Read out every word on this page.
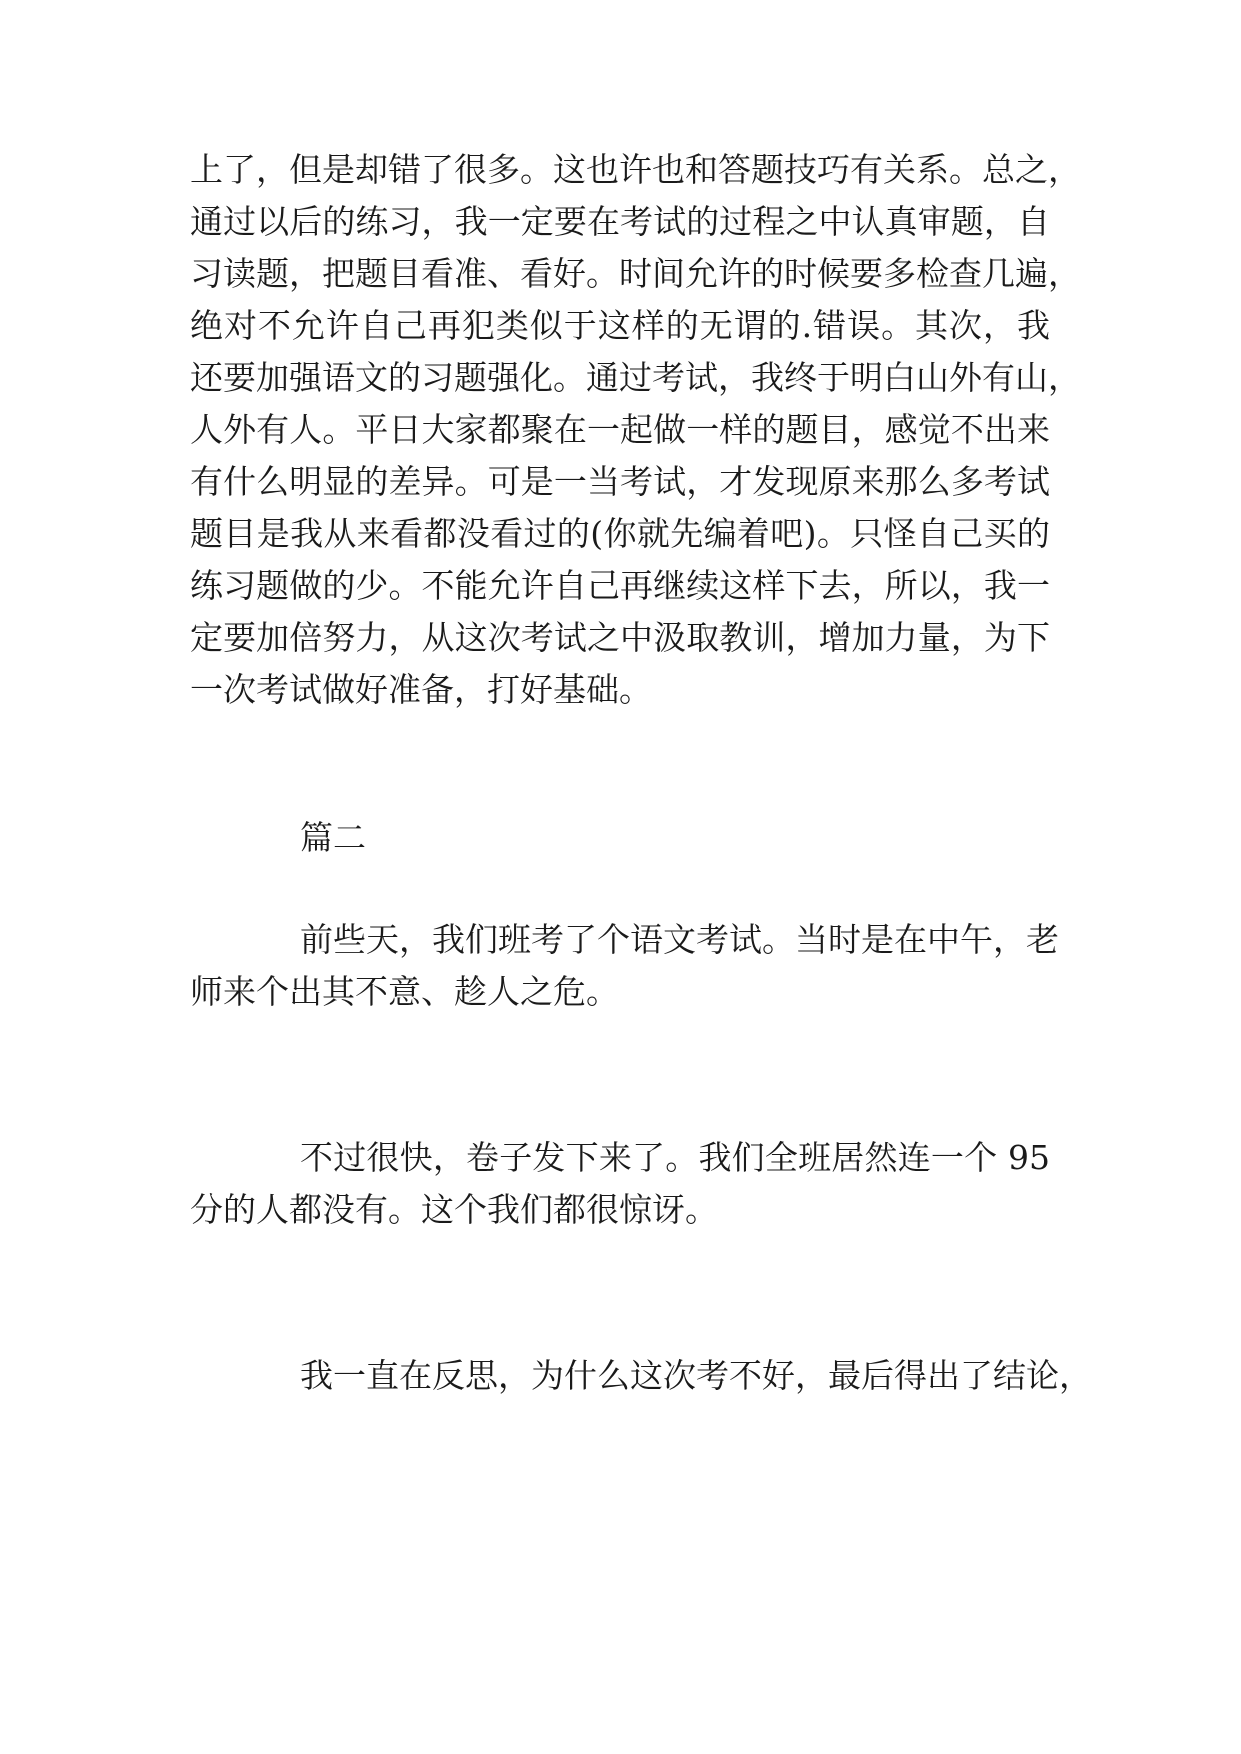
上了，但是却错了很多。这也许也和答题技巧有关系。总之，
通过以后的练习，我一定要在考试的过程之中认真审题，自
习读题，把题目看准、看好。时间允许的时候要多检查几遍，
绝对不允许自己再犯类似于这样的无谓的.错误。其次，我
还要加强语文的习题强化。通过考试，我终于明白山外有山，
人外有人。平日大家都聚在一起做一样的题目，感觉不出来
有什么明显的差异。可是一当考试，才发现原来那么多考试
题目是我从来看都没看过的(你就先编着吧)。只怪自己买的
练习题做的少。不能允许自己再继续这样下去，所以，我一
定要加倍努力，从这次考试之中汲取教训，增加力量，为下
一次考试做好准备，打好基础。
篇二
前些天，我们班考了个语文考试。当时是在中午，老
师来个出其不意、趁人之危。
不过很快，卷子发下来了。我们全班居然连一个 95
分的人都没有。这个我们都很惊讶。
我一直在反思，为什么这次考不好，最后得出了结论，
